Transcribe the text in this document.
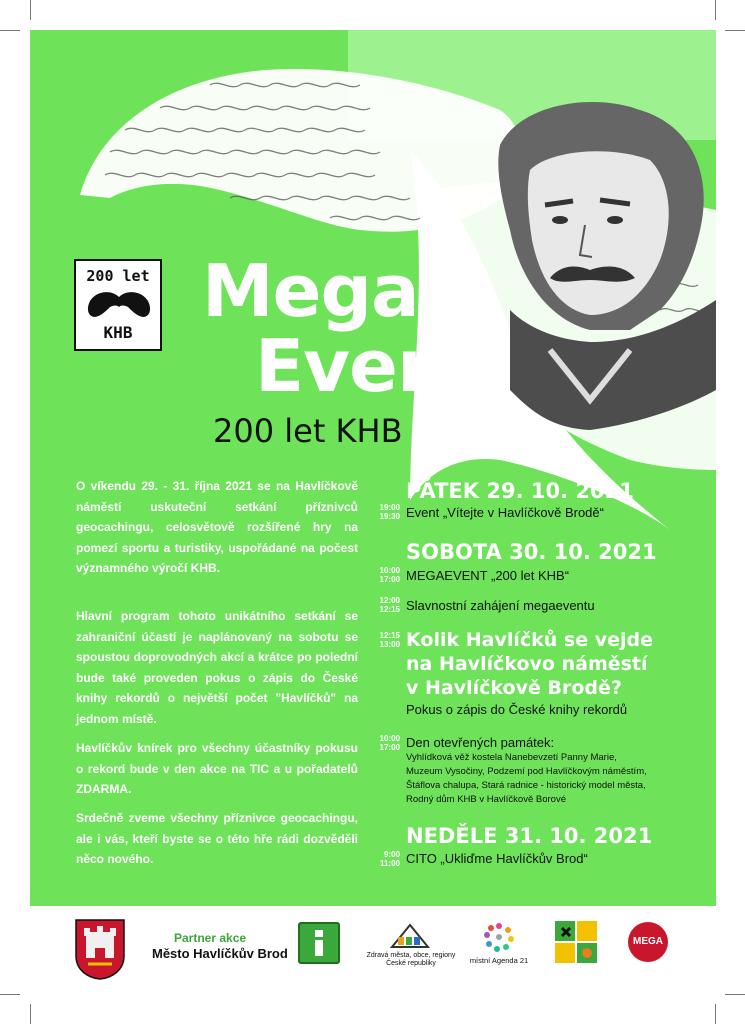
200 let
KHB Mega
Event
200 let KHB
O víkendu 29. - 31. října 2021 se na Havlíčkově náměstí uskuteční setkání příznivců geocachingu, celosvětově rozšířené hry na pomezí sportu a turistiky, uspořádané na počest významného výročí KHB.
Hlavní program tohoto unikátního setkání se zahraniční účastí je naplánovaný na sobotu se spoustou doprovodných akcí a krátce po polední bude také proveden pokus o zápis do České knihy rekordů o největší počet "Havlíčků" na jednom místě.
Havlíčkův knírek pro všechny účastníky pokusu o rekord bude v den akce na TIC a u pořadatelů ZDARMA.
Srdečně zveme všechny příznivce geocachingu, ale i vás, kteří byste se o této hře rádi dozvěděli něco nového.
PÁTEK 29. 10. 2021
19:00
19:30 Event „Vítejte v Havlíčkově Brodě“
SOBOTA 30. 10. 2021
10:00
17:00 MEGAEVENT „200 let KHB“
12:00
12:15 Slavnostní zahájení megaeventu
12:15
13:00 Kolik Havlíčků se vejde
na Havlíčkovo náměstí
v Havlíčkově Brodě?
Pokus o zápis do České knihy rekordů
10:00
17:00 Den otevřených památek:
Vyhlídková věž kostela Nanebevzetí Panny Marie,
Muzeum Vysočiny, Podzemí pod Havlíčkovým náměstím,
Štáflova chalupa, Stará radnice - historický model města,
Rodný dům KHB v Havlíčkově Borové
NEDĚLE 31. 10. 2021
9:00
11:00 CITO „Ukliďme Havlíčkův Brod“
Partner akce
Město Havlíčkův Brod	Zdravá města, obce, regiony České republiky	místní Agenda 21
MEGA
